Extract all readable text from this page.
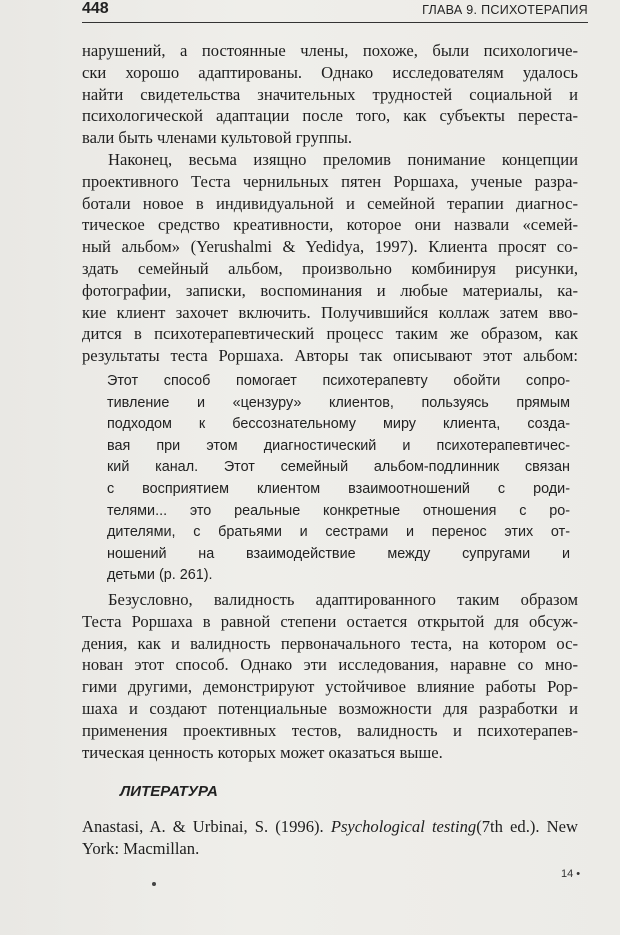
448	ГЛАВА 9. ПСИХОТЕРАПИЯ

нарушений, а постоянные члены, похоже, были психологиче-
ски хорошо адаптированы. Однако исследователям удалось
найти свидетельства значительных трудностей социальной и
психологической адаптации после того, как субъекты переста-
вали быть членами культовой группы.

Наконец, весьма изящно преломив понимание концепции
проективного Теста чернильных пятен Роршаха, ученые разра-
ботали новое в индивидуальной и семейной терапии диагнос-
тическое средство креативности, которое они назвали «семей-
ный альбом» (Yerushalmi & Yedidya, 1997). Клиента просят со-
здать семейный альбом, произвольно комбинируя рисунки,
фотографии, записки, воспоминания и любые материалы, ка-
кие клиент захочет включить. Получившийся коллаж затем вво-
дится в психотерапевтический процесс таким же образом, как
результаты теста Роршаха. Авторы так описывают этот альбом:

Этот способ помогает психотерапевту обойти сопро-
тивление и «цензуру» клиентов, пользуясь прямым
подходом к бессознательному миру клиента, созда-
вая при этом диагностический и психотерапевтичес-
кий канал. Этот семейный альбом-подлинник связан
с восприятием клиентом взаимоотношений с роди-
телями... это реальные конкретные отношения с ро-
дителями, с братьями и сестрами и перенос этих от-
ношений на взаимодействие между супругами и
детьми (р. 261).

Безусловно, валидность адаптированного таким образом
Теста Роршаха в равной степени остается открытой для обсуж-
дения, как и валидность первоначального теста, на котором ос-
нован этот способ. Однако эти исследования, наравне со мно-
гими другими, демонстрируют устойчивое влияние работы Рор-
шаха и создают потенциальные возможности для разработки и
применения проективных тестов, валидность и психотерапев-
тическая ценность которых может оказаться выше.

ЛИТЕРАТУРА

Anastasi, A. & Urbinai, S. (1996). Psychological testing(7th ed.). New
York: Macmillan.

14 •
